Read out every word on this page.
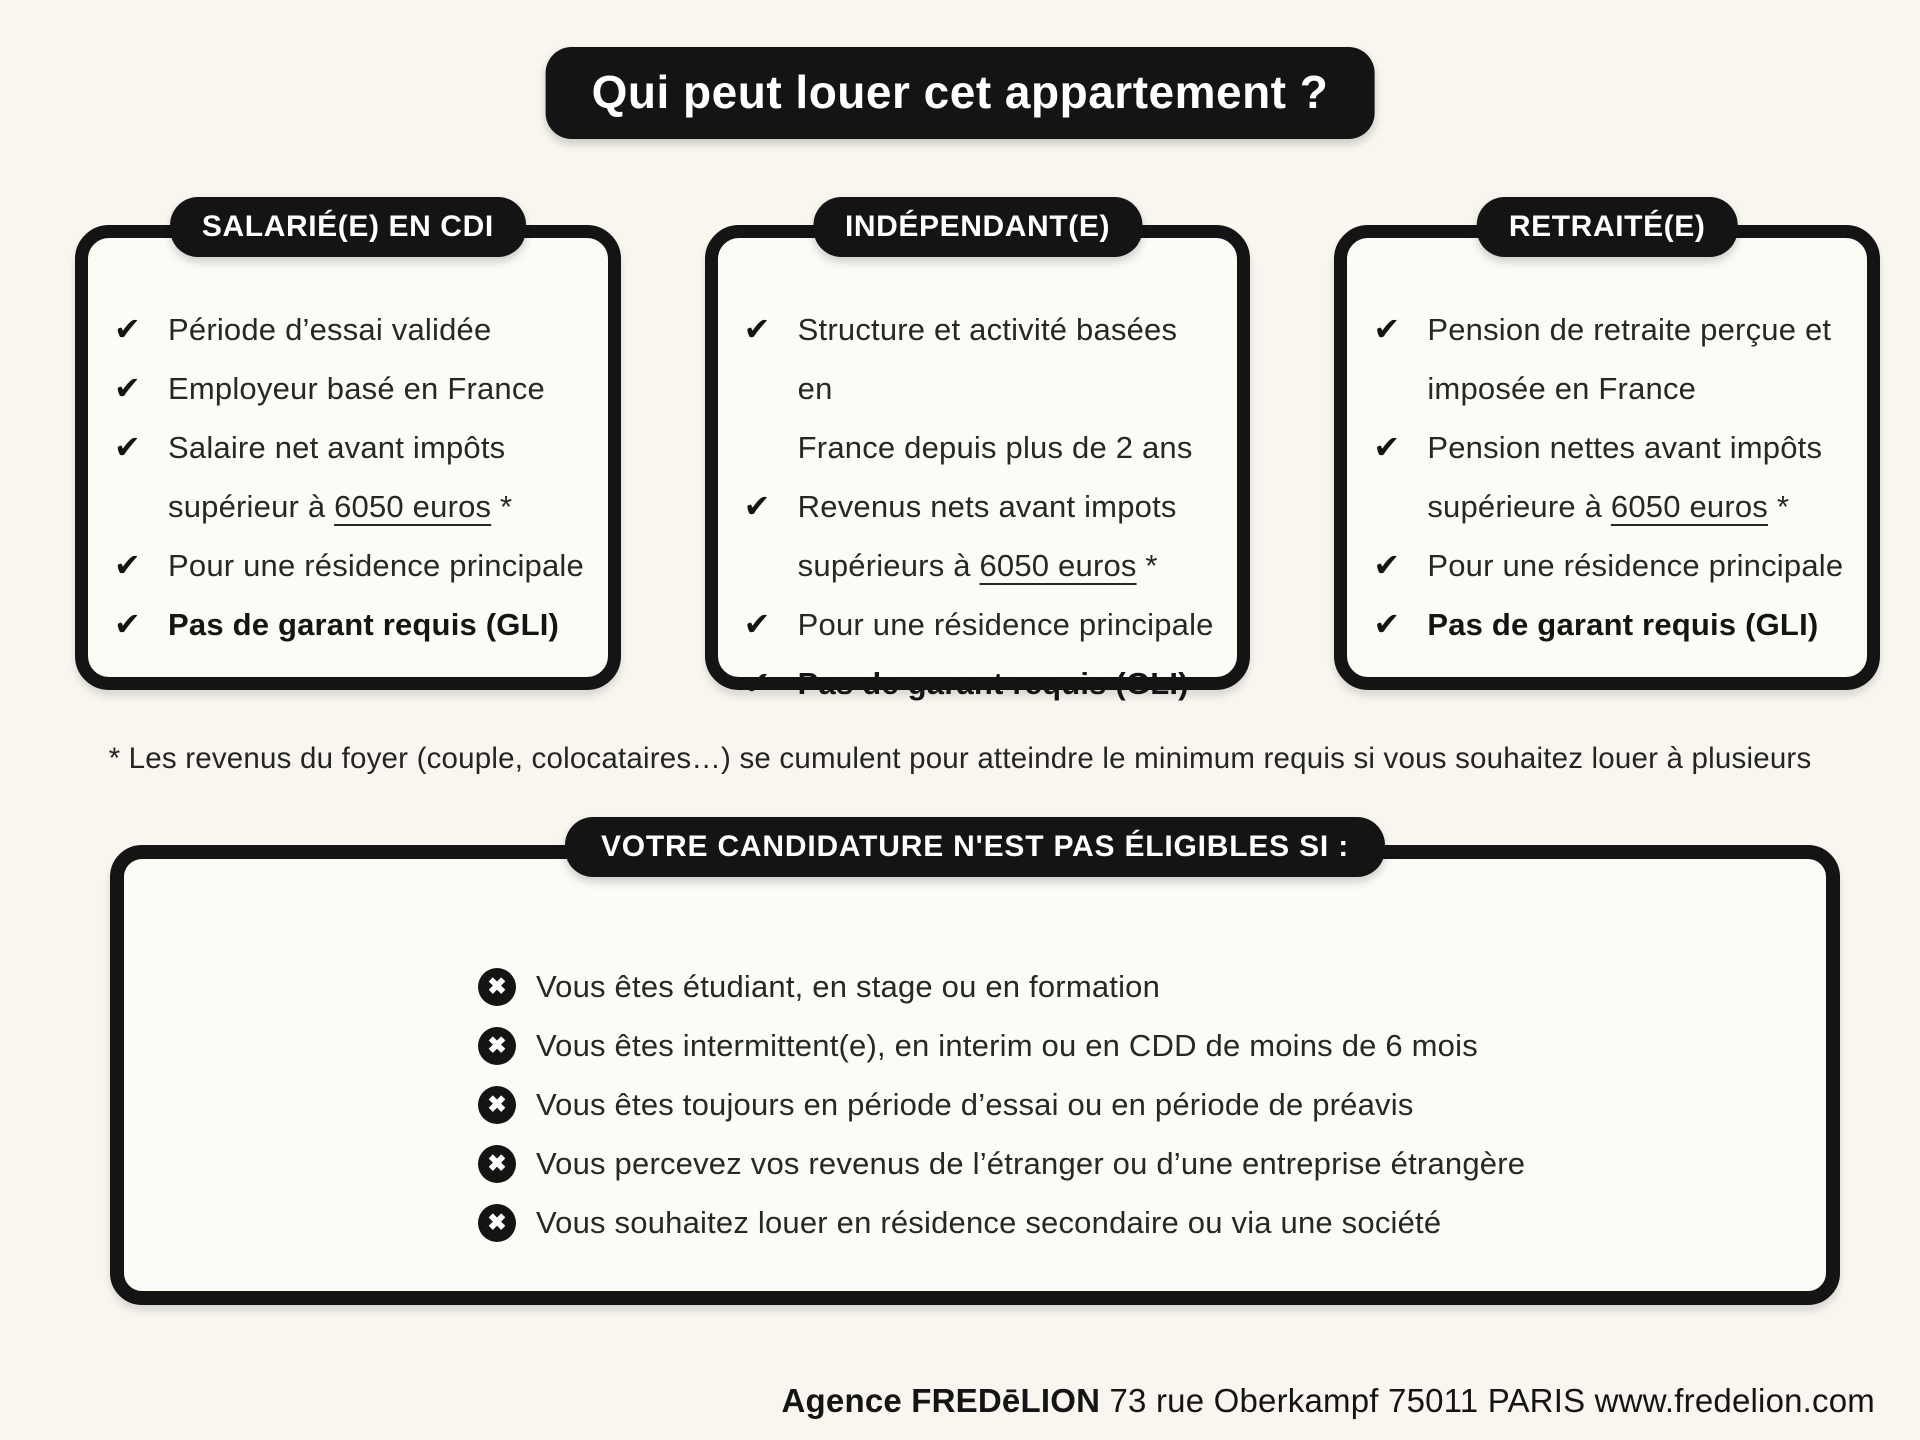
Qui peut louer cet appartement ?
SALARIÉ(E) EN CDI
✔ Période d’essai validée
✔ Employeur basé en France
✔ Salaire net avant impôts
supérieur à 6050 euros *
✔ Pour une résidence principale
✔ Pas de garant requis (GLI)
INDÉPENDANT(E)
✔ Structure et activité basées en
France depuis plus de 2 ans
✔ Revenus nets avant impots
supérieurs à 6050 euros *
✔ Pour une résidence principale
✔ Pas de garant requis (GLI)
RETRAITÉ(E)
✔ Pension de retraite perçue et
imposée en France
✔ Pension nettes avant impôts
supérieure à 6050 euros *
✔ Pour une résidence principale
✔ Pas de garant requis (GLI)
* Les revenus du foyer (couple, colocataires…) se cumulent pour atteindre le minimum requis si vous souhaitez louer à plusieurs
VOTRE CANDIDATURE N'EST PAS ÉLIGIBLES SI :
✖ Vous êtes étudiant, en stage ou en formation
✖ Vous êtes intermittent(e), en interim ou en CDD de moins de 6 mois
✖ Vous êtes toujours en période d’essai ou en période de préavis
✖ Vous percevez vos revenus de l’étranger ou d’une entreprise étrangère
✖ Vous souhaitez louer en résidence secondaire ou via une société
Agence FREDēLION 73 rue Oberkampf 75011 PARIS www.fredelion.com
